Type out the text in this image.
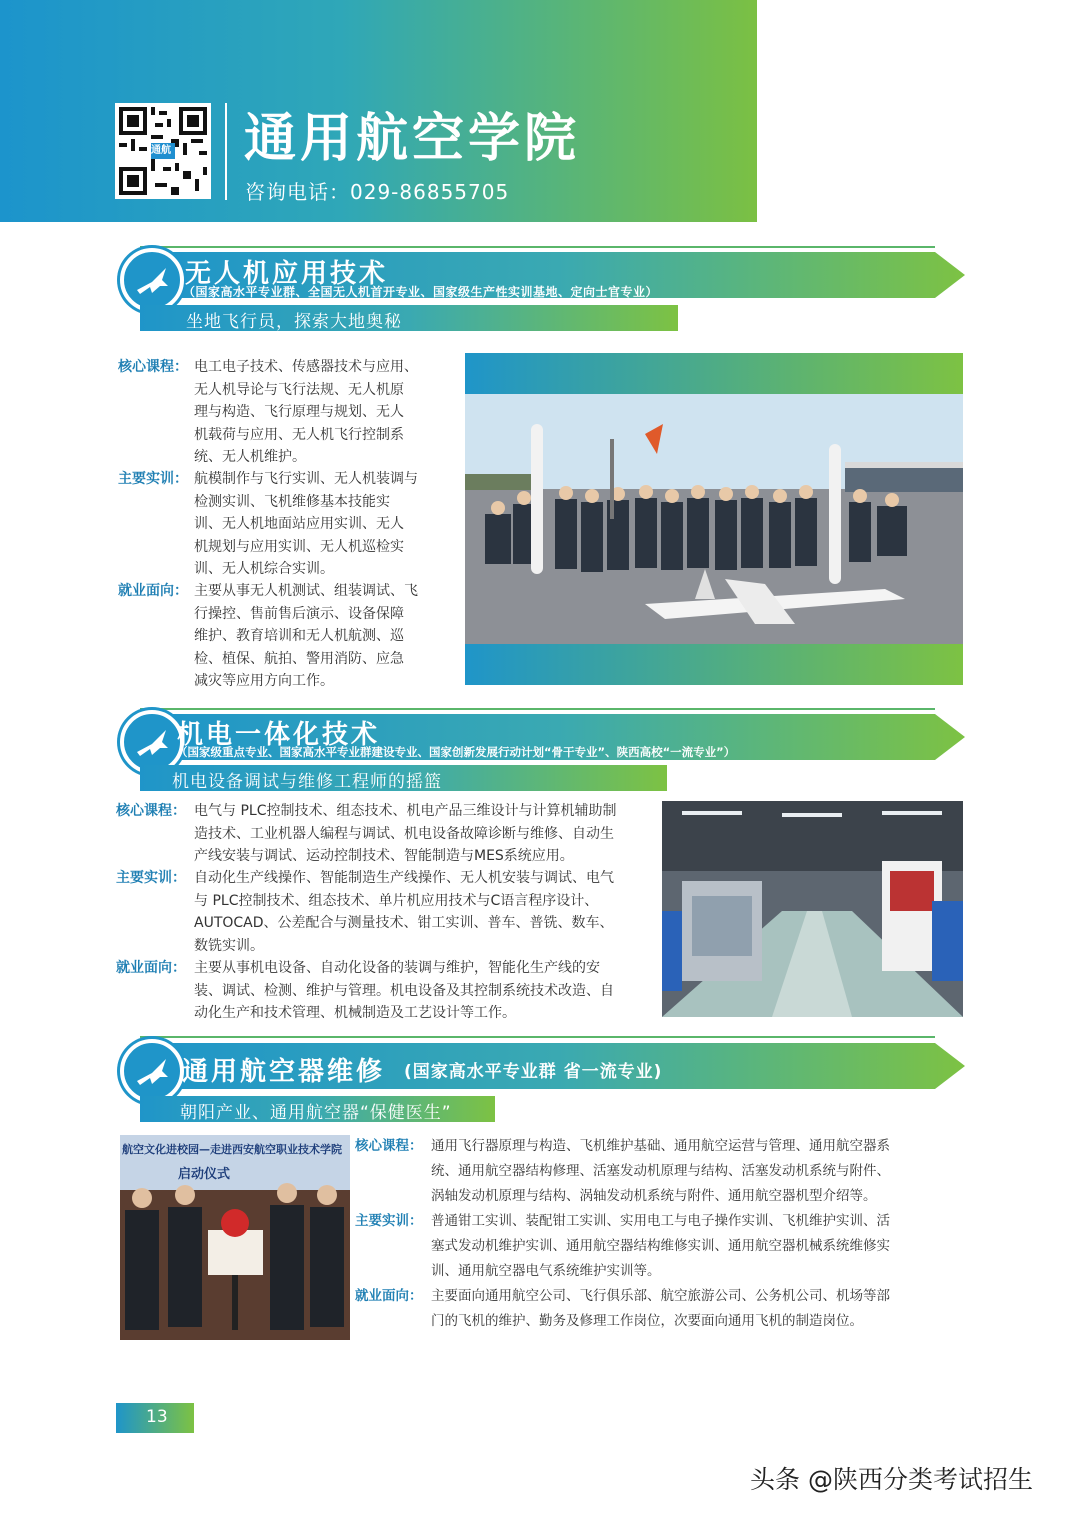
通航 通用航空学院
咨询电话：029-86855705
无人机应用技术
（国家高水平专业群、全国无人机首开专业、国家级生产性实训基地、定向士官专业）
坐地飞行员，探索大地奥秘
核心课程： 电工电子技术、传感器技术与应用、
无人机导论与飞行法规、无人机原
理与构造、飞行原理与规划、无人
机载荷与应用、无人机飞行控制系
统、无人机维护。
主要实训： 航模制作与飞行实训、无人机装调与
检测实训、飞机维修基本技能实
训、无人机地面站应用实训、无人
机规划与应用实训、无人机巡检实
训、无人机综合实训。
就业面向： 主要从事无人机测试、组装调试、飞
行操控、售前售后演示、设备保障
维护、教育培训和无人机航测、巡
检、植保、航拍、警用消防、应急
减灾等应用方向工作。
机电一体化技术
（国家级重点专业、国家高水平专业群建设专业、国家创新发展行动计划“骨干专业”、陕西高校“一流专业”）
机电设备调试与维修工程师的摇篮
核心课程： 电气与 PLC控制技术、组态技术、机电产品三维设计与计算机辅助制
造技术、工业机器人编程与调试、机电设备故障诊断与维修、自动生
产线安装与调试、运动控制技术、智能制造与MES系统应用。
主要实训： 自动化生产线操作、智能制造生产线操作、无人机安装与调试、电气
与 PLC控制技术、组态技术、单片机应用技术与C语言程序设计、
AUTOCAD、公差配合与测量技术、钳工实训、普车、普铣、数车、
数铣实训。
就业面向： 主要从事机电设备、自动化设备的装调与维护，智能化生产线的安
装、调试、检测、维护与管理。机电设备及其控制系统技术改造、自
动化生产和技术管理、机械制造及工艺设计等工作。
通用航空器维修 (国家高水平专业群 省一流专业)
朝阳产业、通用航空器“保健医生”
航空文化进校园—走进西安航空职业技术学院
启动仪式
核心课程： 通用飞行器原理与构造、飞机维护基础、通用航空运营与管理、通用航空器系
统、通用航空器结构修理、活塞发动机原理与结构、活塞发动机系统与附件、
涡轴发动机原理与结构、涡轴发动机系统与附件、通用航空器机型介绍等。
主要实训： 普通钳工实训、装配钳工实训、实用电工与电子操作实训、飞机维护实训、活
塞式发动机维护实训、通用航空器结构维修实训、通用航空器机械系统维修实
训、通用航空器电气系统维护实训等。
就业面向： 主要面向通用航空公司、飞行俱乐部、航空旅游公司、公务机公司、机场等部
门的飞机的维护、勤务及修理工作岗位，次要面向通用飞机的制造岗位。
13
头条 @陕西分类考试招生
